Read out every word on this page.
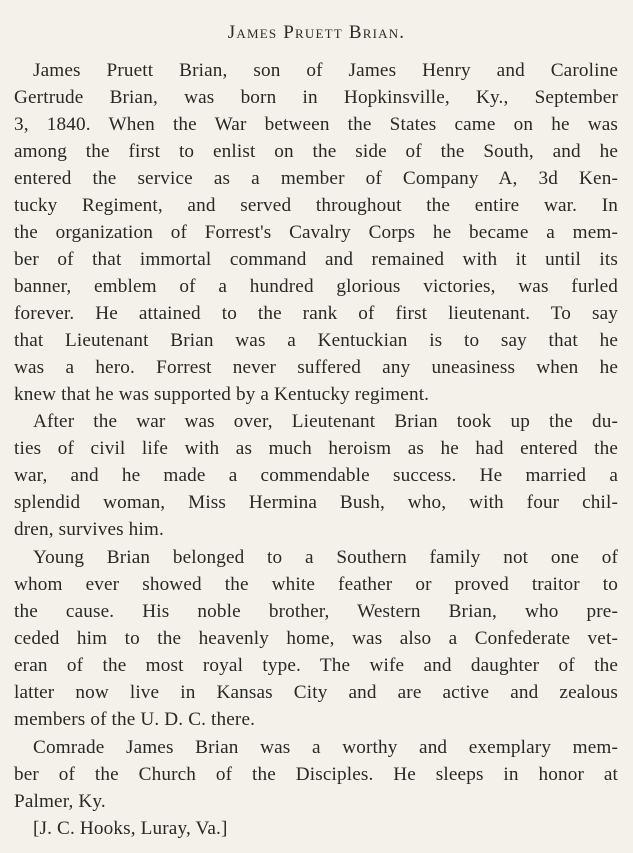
James Pruett Brian.
James Pruett Brian, son of James Henry and Caroline
Gertrude Brian, was born in Hopkinsville, Ky., September
3, 1840. When the War between the States came on he was
among the first to enlist on the side of the South, and he
entered the service as a member of Company A, 3d Ken-
tucky Regiment, and served throughout the entire war. In
the organization of Forrest's Cavalry Corps he became a mem-
ber of that immortal command and remained with it until its
banner, emblem of a hundred glorious victories, was furled
forever. He attained to the rank of first lieutenant. To say
that Lieutenant Brian was a Kentuckian is to say that he
was a hero. Forrest never suffered any uneasiness when he
knew that he was supported by a Kentucky regiment.
After the war was over, Lieutenant Brian took up the du-
ties of civil life with as much heroism as he had entered the
war, and he made a commendable success. He married a
splendid woman, Miss Hermina Bush, who, with four chil-
dren, survives him.
Young Brian belonged to a Southern family not one of
whom ever showed the white feather or proved traitor to
the cause. His noble brother, Western Brian, who pre-
ceded him to the heavenly home, was also a Confederate vet-
eran of the most royal type. The wife and daughter of the
latter now live in Kansas City and are active and zealous
members of the U. D. C. there.
Comrade James Brian was a worthy and exemplary mem-
ber of the Church of the Disciples. He sleeps in honor at
Palmer, Ky.
[J. C. Hooks, Luray, Va.]
